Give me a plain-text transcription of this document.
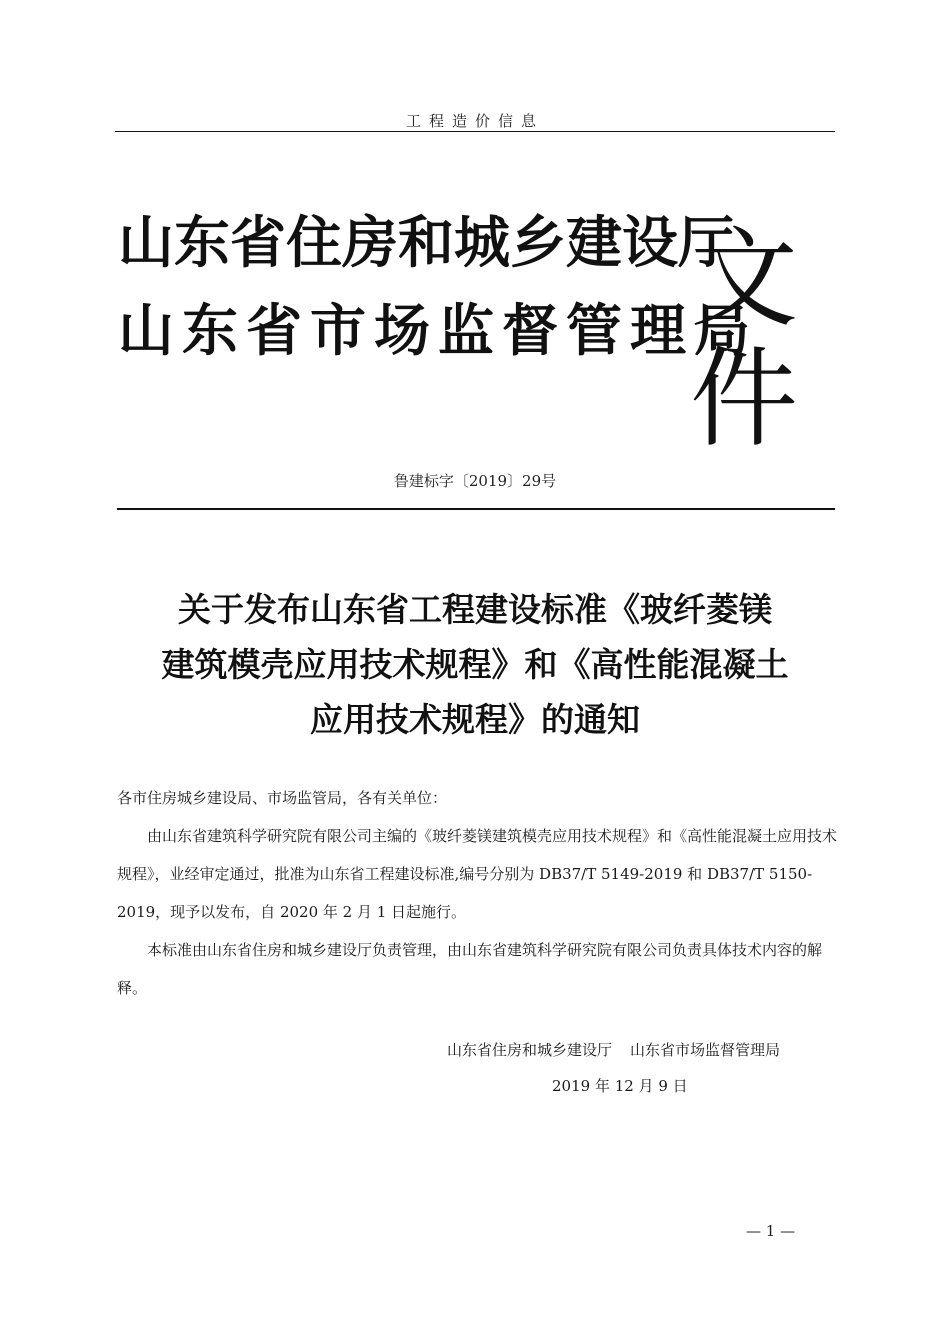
工程造价信息
山东省住房和城乡建设厅
山东省市场监督管理局
文件
鲁建标字〔2019〕29号
关于发布山东省工程建设标准《玻纤菱镁
建筑模壳应用技术规程》和《高性能混凝土
应用技术规程》的通知

各市住房城乡建设局、市场监管局，各有关单位：

由山东省建筑科学研究院有限公司主编的《玻纤菱镁建筑模壳应用技术规程》和《高性能混凝土应用技术规程》，业经审定通过，批准为山东省工程建设标准,编号分别为 DB37/T 5149-2019 和 DB37/T 5150-2019，现予以发布，自 2020 年 2 月 1 日起施行。

本标准由山东省住房和城乡建设厅负责管理，由山东省建筑科学研究院有限公司负责具体技术内容的解释。

山东省住房和城乡建设厅 山东省市场监督管理局
2019 年 12 月 9 日
— 1 —
